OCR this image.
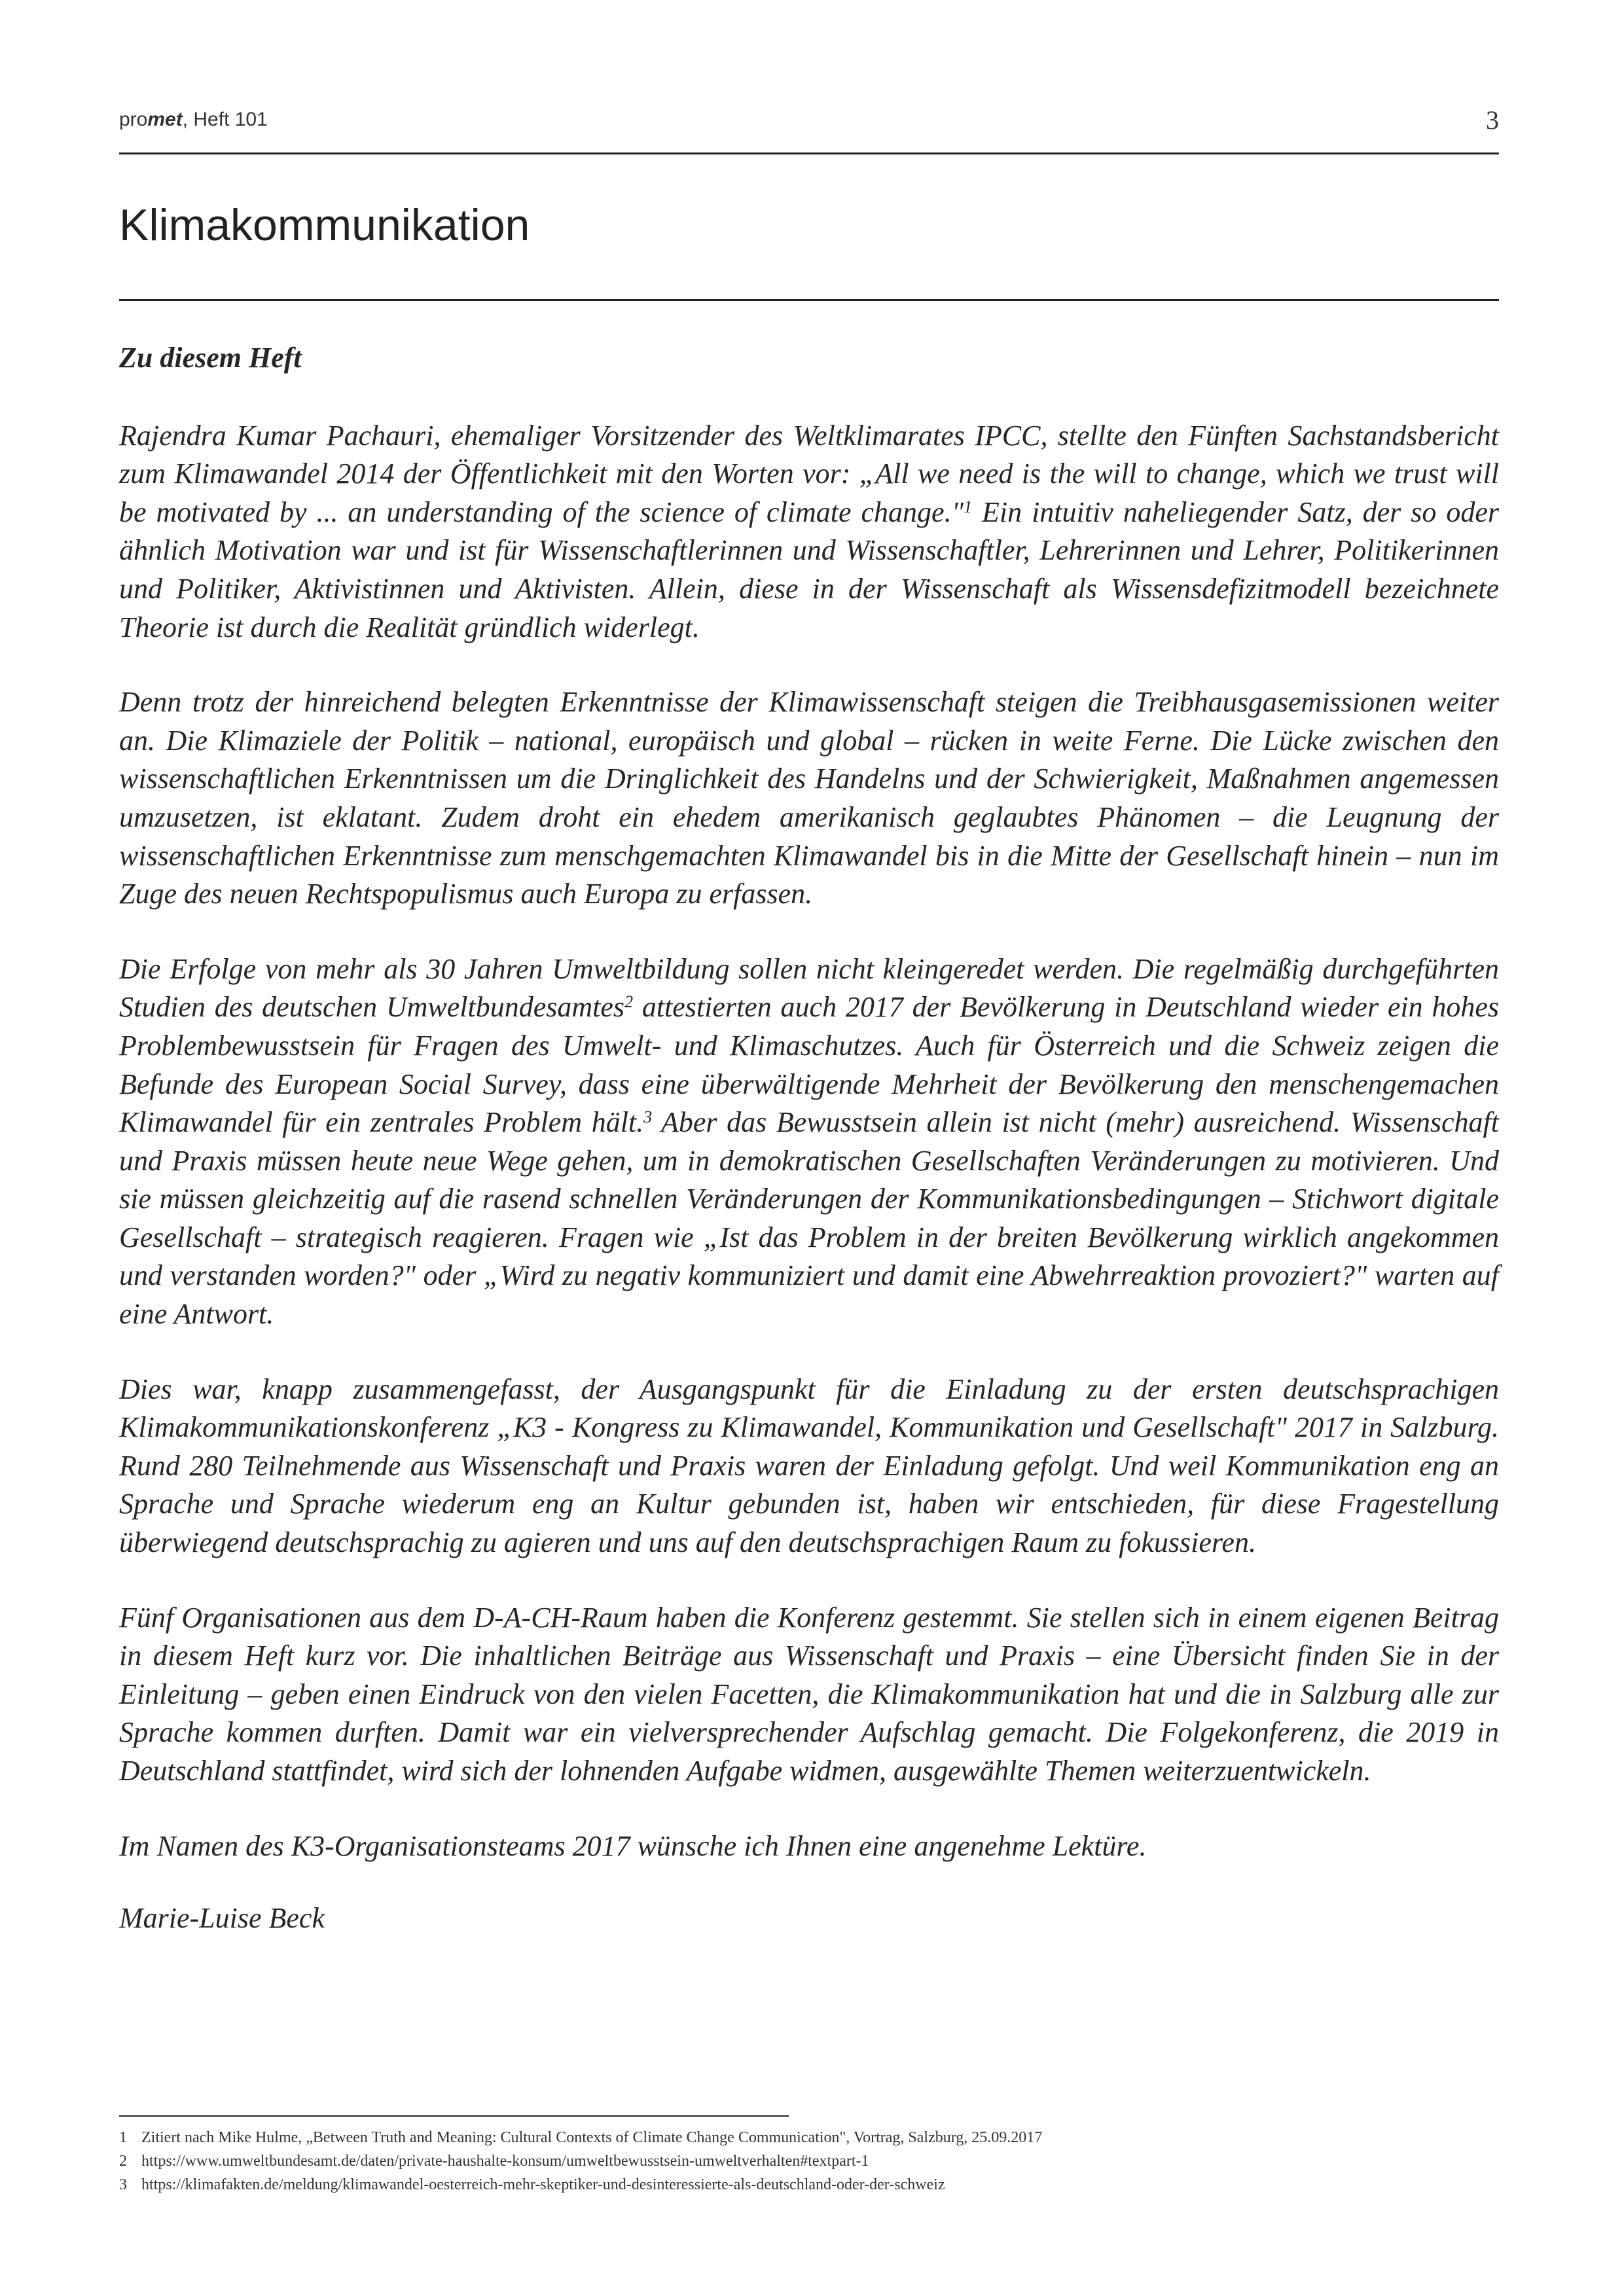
promet, Heft 101	3
Klimakommunikation

Zu diesem Heft

Rajendra Kumar Pachauri, ehemaliger Vorsitzender des Weltklimarates IPCC, stellte den Fünften Sachstandsbericht zum Klimawandel 2014 der Öffentlichkeit mit den Worten vor: „All we need is the will to change, which we trust will be motivated by ... an understanding of the science of climate change."$^1$ Ein intuitiv naheliegender Satz, der so oder ähnlich Motivation war und ist für Wissenschaftlerinnen und Wissenschaftler, Lehrerinnen und Lehrer, Politikerinnen und Politiker, Aktivistinnen und Aktivisten. Allein, diese in der Wissenschaft als Wissensdefizitmodell bezeichnete Theorie ist durch die Realität gründlich widerlegt.

Denn trotz der hinreichend belegten Erkenntnisse der Klimawissenschaft steigen die Treibhausgasemissionen weiter an. Die Klimaziele der Politik – national, europäisch und global – rücken in weite Ferne. Die Lücke zwischen den wissenschaftlichen Erkenntnissen um die Dringlichkeit des Handelns und der Schwierigkeit, Maßnahmen angemessen umzusetzen, ist eklatant. Zudem droht ein ehedem amerikanisch geglaubtes Phänomen – die Leugnung der wissenschaftlichen Erkenntnisse zum menschgemachten Klimawandel bis in die Mitte der Gesellschaft hinein – nun im Zuge des neuen Rechtspopulismus auch Europa zu erfassen.

Die Erfolge von mehr als 30 Jahren Umweltbildung sollen nicht kleingeredet werden. Die regelmäßig durchgeführten Studien des deutschen Umweltbundesamtes$^2$ attestierten auch 2017 der Bevölkerung in Deutschland wieder ein hohes Problembewusstsein für Fragen des Umwelt- und Klimaschutzes. Auch für Österreich und die Schweiz zeigen die Befunde des European Social Survey, dass eine überwältigende Mehrheit der Bevölkerung den menschengemachen Klimawandel für ein zentrales Problem hält.$^3$ Aber das Bewusstsein allein ist nicht (mehr) ausreichend. Wissenschaft und Praxis müssen heute neue Wege gehen, um in demokratischen Gesellschaften Veränderungen zu motivieren. Und sie müssen gleichzeitig auf die rasend schnellen Veränderungen der Kommunikationsbedingungen – Stichwort digitale Gesellschaft – strategisch reagieren. Fragen wie „Ist das Problem in der breiten Bevölkerung wirklich angekommen und verstanden worden?" oder „Wird zu negativ kommuniziert und damit eine Abwehrreaktion provoziert?" warten auf eine Antwort.

Dies war, knapp zusammengefasst, der Ausgangspunkt für die Einladung zu der ersten deutschsprachigen Klimakommunikationskonferenz „K3 - Kongress zu Klimawandel, Kommunikation und Gesellschaft" 2017 in Salzburg. Rund 280 Teilnehmende aus Wissenschaft und Praxis waren der Einladung gefolgt. Und weil Kommunikation eng an Sprache und Sprache wiederum eng an Kultur gebunden ist, haben wir entschieden, für diese Fragestellung überwiegend deutschsprachig zu agieren und uns auf den deutschsprachigen Raum zu fokussieren.

Fünf Organisationen aus dem D-A-CH-Raum haben die Konferenz gestemmt. Sie stellen sich in einem eigenen Beitrag in diesem Heft kurz vor. Die inhaltlichen Beiträge aus Wissenschaft und Praxis – eine Übersicht finden Sie in der Einleitung – geben einen Eindruck von den vielen Facetten, die Klimakommunikation hat und die in Salzburg alle zur Sprache kommen durften. Damit war ein vielversprechender Aufschlag gemacht. Die Folgekonferenz, die 2019 in Deutschland stattfindet, wird sich der lohnenden Aufgabe widmen, ausgewählte Themen weiterzuentwickeln.

Im Namen des K3-Organisationsteams 2017 wünsche ich Ihnen eine angenehme Lektüre.

Marie-Luise Beck

1 Zitiert nach Mike Hulme, „Between Truth and Meaning: Cultural Contexts of Climate Change Communication", Vortrag, Salzburg, 25.09.2017
2 https://www.umweltbundesamt.de/daten/private-haushalte-konsum/umweltbewusstsein-umweltverhalten#textpart-1
3 https://klimafakten.de/meldung/klimawandel-oesterreich-mehr-skeptiker-und-desinteressierte-als-deutschland-oder-der-schweiz
